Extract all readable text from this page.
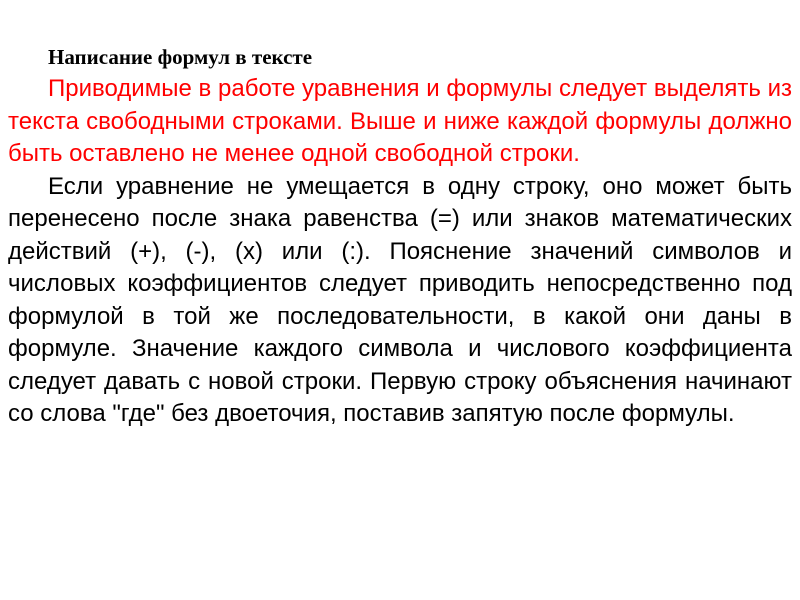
Написание формул в тексте

Приводимые в работе уравнения и формулы следует выделять из текста свободными строками. Выше и ниже каждой формулы должно быть оставлено не менее одной свободной строки.

Если уравнение не умещается в одну строку, оно может быть перенесено после знака равенства (=) или знаков математических действий (+), (-), (х) или (:). Пояснение значений символов и числовых коэффициентов следует приводить непосредственно под формулой в той же последовательности, в какой они даны в формуле. Значение каждого символа и числового коэффициента следует давать с новой строки. Первую строку объяснения начинают со слова "где" без двоеточия, поставив запятую после формулы.
